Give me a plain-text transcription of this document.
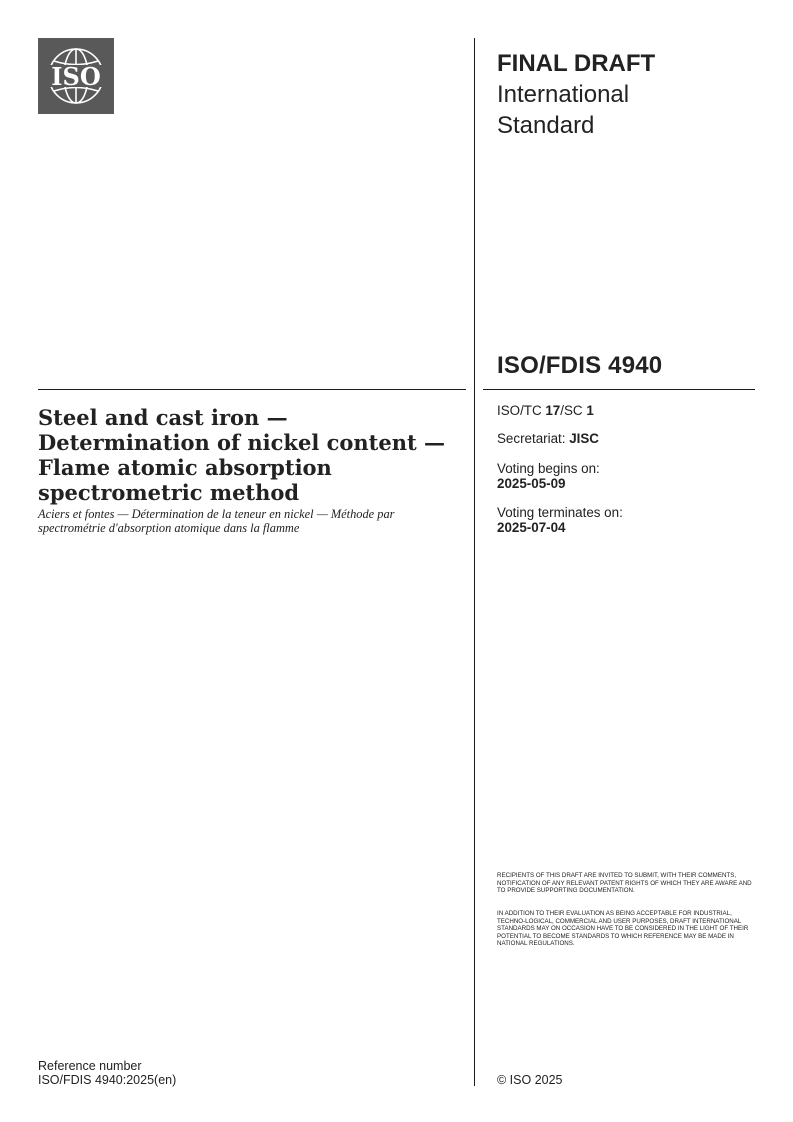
ISO	FINAL DRAFT
International
Standard
ISO/FDIS 4940
Steel and cast iron — Determination of nickel content — Flame atomic absorption spectrometric method
Aciers et fontes — Détermination de la teneur en nickel — Méthode par spectrométrie d'absorption atomique dans la flamme
ISO/TC 17/SC 1
Secretariat: JISC
Voting begins on:
2025-05-09
Voting terminates on:
2025-07-04
RECIPIENTS OF THIS DRAFT ARE INVITED TO SUBMIT, WITH THEIR COMMENTS, NOTIFICATION OF ANY RELEVANT PATENT RIGHTS OF WHICH THEY ARE AWARE AND TO PROVIDE SUPPORTING DOCUMENTATION.
IN ADDITION TO THEIR EVALUATION AS BEING ACCEPTABLE FOR INDUSTRIAL, TECHNO-LOGICAL, COMMERCIAL AND USER PURPOSES, DRAFT INTERNATIONAL STANDARDS MAY ON OCCASION HAVE TO BE CONSIDERED IN THE LIGHT OF THEIR POTENTIAL TO BECOME STANDARDS TO WHICH REFERENCE MAY BE MADE IN NATIONAL REGULATIONS.
Reference number
ISO/FDIS 4940:2025(en)	© ISO 2025
